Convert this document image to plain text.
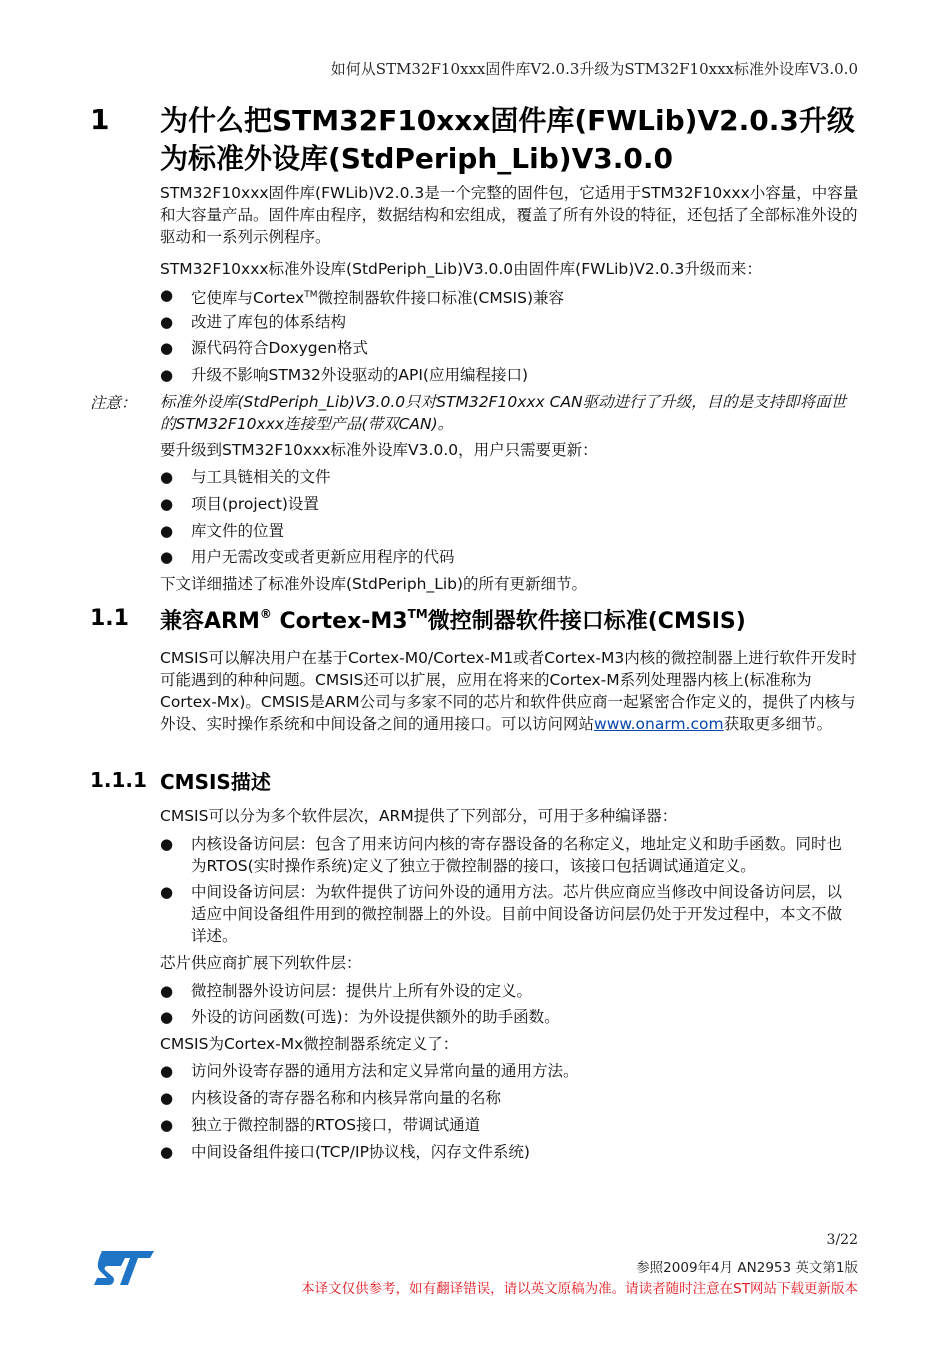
如何从STM32F10xxx固件库V2.0.3升级为STM32F10xxx标准外设库V3.0.0
1 为什么把STM32F10xxx固件库(FWLib)V2.0.3升级为标准外设库(StdPeriph_Lib)V3.0.0
STM32F10xxx固件库(FWLib)V2.0.3是一个完整的固件包，它适用于STM32F10xxx小容量，中容量和大容量产品。固件库由程序，数据结构和宏组成，覆盖了所有外设的特征，还包括了全部标准外设的驱动和一系列示例程序。
STM32F10xxx标准外设库(StdPeriph_Lib)V3.0.0由固件库(FWLib)V2.0.3升级而来：
● 它使库与Cortex™微控制器软件接口标准(CMSIS)兼容
● 改进了库包的体系结构
● 源代码符合Doxygen格式
● 升级不影响STM32外设驱动的API(应用编程接口)
注意： 标准外设库(StdPeriph_Lib)V3.0.0只对STM32F10xxx CAN驱动进行了升级，目的是支持即将面世的STM32F10xxx连接型产品(带双CAN)。
要升级到STM32F10xxx标准外设库V3.0.0，用户只需要更新：
● 与工具链相关的文件
● 项目(project)设置
● 库文件的位置
● 用户无需改变或者更新应用程序的代码
下文详细描述了标准外设库(StdPeriph_Lib)的所有更新细节。
1.1 兼容ARM® Cortex-M3™微控制器软件接口标准(CMSIS)
CMSIS可以解决用户在基于Cortex-M0/Cortex-M1或者Cortex-M3内核的微控制器上进行软件开发时可能遇到的种种问题。CMSIS还可以扩展，应用在将来的Cortex-M系列处理器内核上(标准称为Cortex-Mx)。CMSIS是ARM公司与多家不同的芯片和软件供应商一起紧密合作定义的，提供了内核与外设、实时操作系统和中间设备之间的通用接口。可以访问网站www.onarm.com获取更多细节。
1.1.1 CMSIS描述
CMSIS可以分为多个软件层次，ARM提供了下列部分，可用于多种编译器：
● 内核设备访问层：包含了用来访问内核的寄存器设备的名称定义，地址定义和助手函数。同时也为RTOS(实时操作系统)定义了独立于微控制器的接口，该接口包括调试通道定义。
● 中间设备访问层：为软件提供了访问外设的通用方法。芯片供应商应当修改中间设备访问层，以适应中间设备组件用到的微控制器上的外设。目前中间设备访问层仍处于开发过程中，本文不做详述。
芯片供应商扩展下列软件层：
● 微控制器外设访问层：提供片上所有外设的定义。
● 外设的访问函数(可选)：为外设提供额外的助手函数。
CMSIS为Cortex-Mx微控制器系统定义了：
● 访问外设寄存器的通用方法和定义异常向量的通用方法。
● 内核设备的寄存器名称和内核异常向量的名称
● 独立于微控制器的RTOS接口，带调试通道
● 中间设备组件接口(TCP/IP协议栈，闪存文件系统)
3/22
参照2009年4月 AN2953 英文第1版
本译文仅供参考，如有翻译错误，请以英文原稿为准。请读者随时注意在ST网站下载更新版本
